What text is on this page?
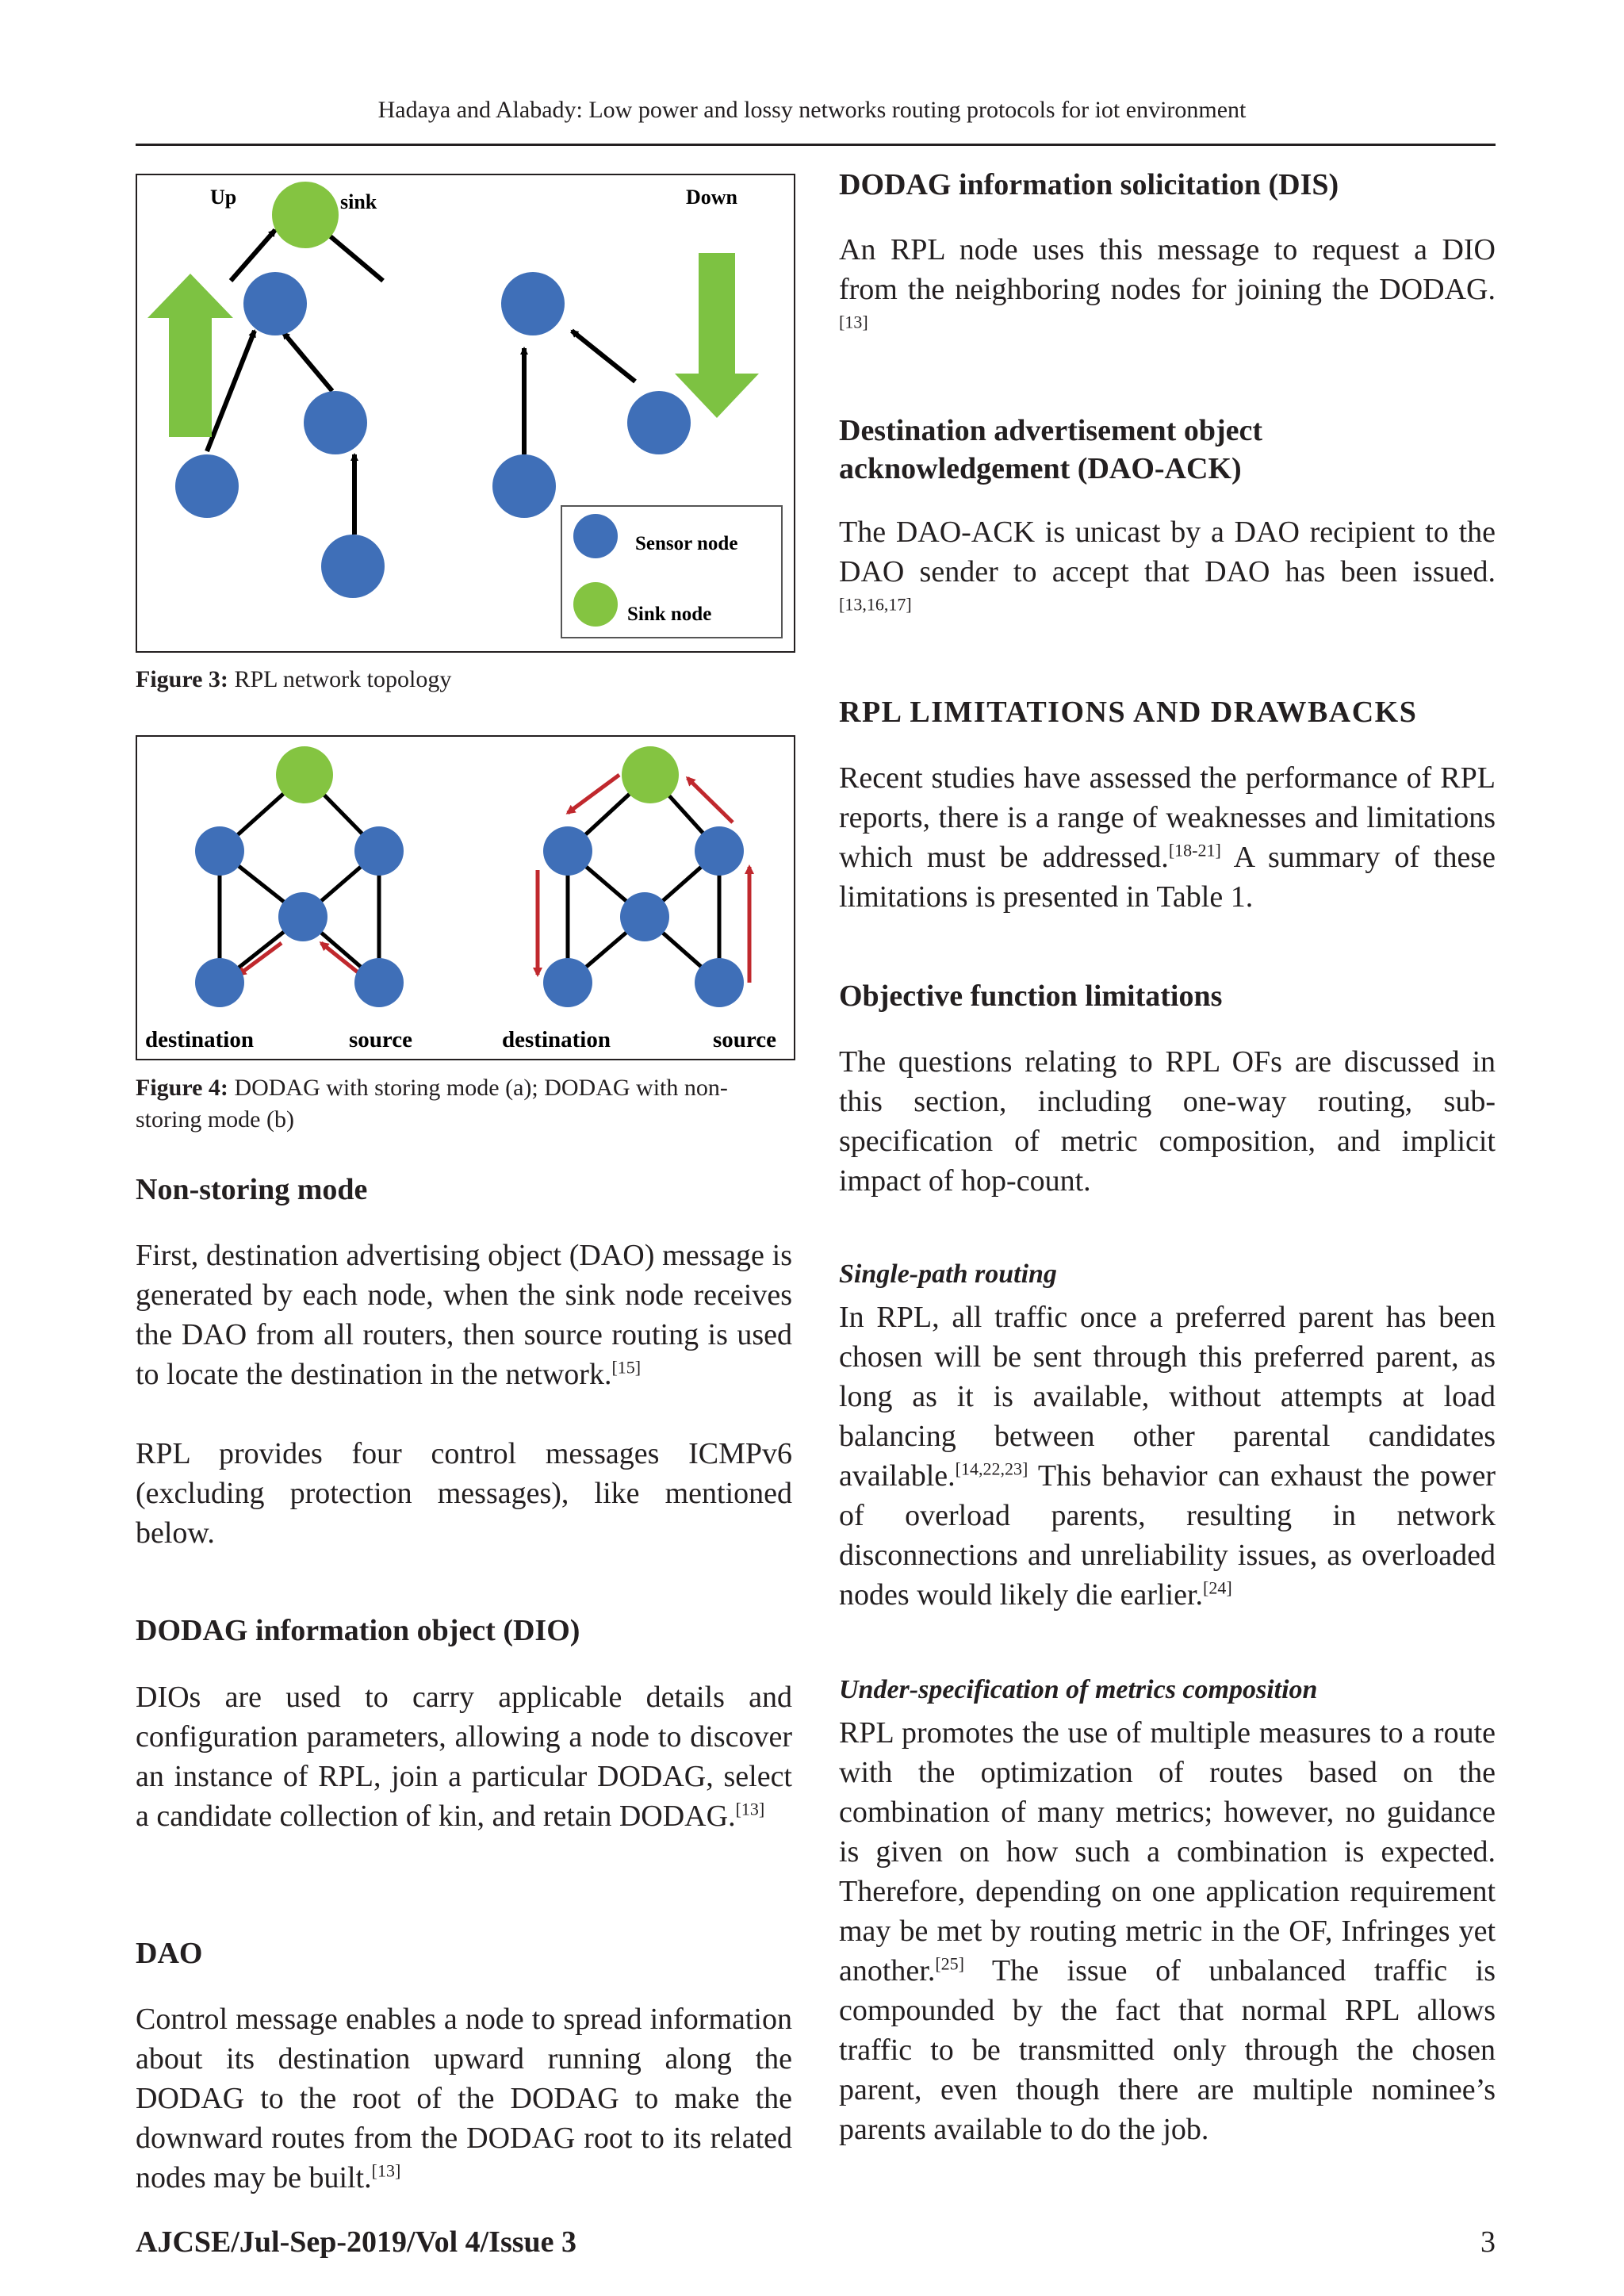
Hadaya and Alabady: Low power and lossy networks routing protocols for iot environment
Up	sink	Down
Sensor node
Sink node
Figure 3: RPL network topology
destination	source	destination	source
Figure 4: DODAG with storing mode (a); DODAG with non-storing mode (b)
Non-storing mode
First, destination advertising object (DAO) message is generated by each node, when the sink node receives the DAO from all routers, then source routing is used to locate the destination in the network.[15]
RPL provides four control messages ICMPv6 (excluding protection messages), like mentioned below.
DODAG information object (DIO)
DIOs are used to carry applicable details and configuration parameters, allowing a node to discover an instance of RPL, join a particular DODAG, select a candidate collection of kin, and retain DODAG.[13]
DAO
Control message enables a node to spread information about its destination upward running along the DODAG to the root of the DODAG to make the downward routes from the DODAG root to its related nodes may be built.[13]
DODAG information solicitation (DIS)
An RPL node uses this message to request a DIO from the neighboring nodes for joining the DODAG.[13]
Destination advertisement object
acknowledgement (DAO-ACK)
The DAO-ACK is unicast by a DAO recipient to the DAO sender to accept that DAO has been issued.[13,16,17]
RPL LIMITATIONS AND DRAWBACKS
Recent studies have assessed the performance of RPL reports, there is a range of weaknesses and limitations which must be addressed.[18-21] A summary of these limitations is presented in Table 1.
Objective function limitations
The questions relating to RPL OFs are discussed in this section, including one-way routing, sub-specification of metric composition, and implicit impact of hop-count.
Single-path routing
In RPL, all traffic once a preferred parent has been chosen will be sent through this preferred parent, as long as it is available, without attempts at load balancing between other parental candidates available.[14,22,23] This behavior can exhaust the power of overload parents, resulting in network disconnections and unreliability issues, as overloaded nodes would likely die earlier.[24]
Under-specification of metrics composition
RPL promotes the use of multiple measures to a route with the optimization of routes based on the combination of many metrics; however, no guidance is given on how such a combination is expected. Therefore, depending on one application requirement may be met by routing metric in the OF, Infringes yet another.[25] The issue of unbalanced traffic is compounded by the fact that normal RPL allows traffic to be transmitted only through the chosen parent, even though there are multiple nominee’s parents available to do the job.
AJCSE/Jul-Sep-2019/Vol 4/Issue 3	3
